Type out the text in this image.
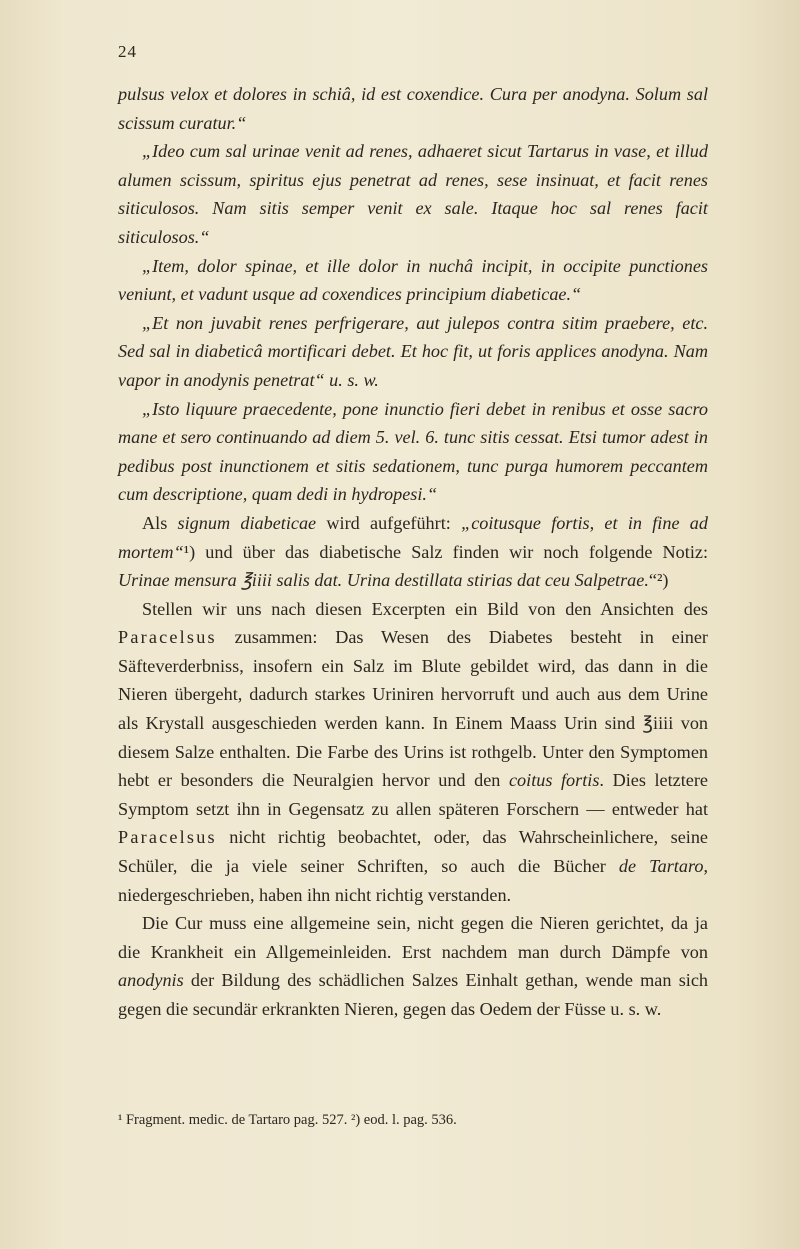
24

pulsus velox et dolores in schiâ, id est coxendice. Cura per anodyna. Solum sal scissum curatur.“

„Ideo cum sal urinae venit ad renes, adhaeret sicut Tartarus in vase, et illud alumen scissum, spiritus ejus penetrat ad renes, sese insinuat, et facit renes siticulosos. Nam sitis semper venit ex sale. Itaque hoc sal renes facit siticulosos.“

„Item, dolor spinae, et ille dolor in nuchâ incipit, in occipite punctiones veniunt, et vadunt usque ad coxendices principium diabeticae.“

„Et non juvabit renes perfrigerare, aut julepos contra sitim praebere, etc. Sed sal in diabeticâ mortificari debet. Et hoc fit, ut foris applices anodyna. Nam vapor in anodynis penetrat“ u. s. w.

„Isto liquure praecedente, pone inunctio fieri debet in renibus et osse sacro mane et sero continuando ad diem 5. vel. 6. tunc sitis cessat. Etsi tumor adest in pedibus post inunctionem et sitis sedationem, tunc purga humorem peccantem cum descriptione, quam dedi in hydropesi.“

Als signum diabeticae wird aufgeführt: „coitusque fortis, et in fine ad mortem“¹) und über das diabetische Salz finden wir noch folgende Notiz: Urinae mensura ℥iiii salis dat. Urina destillata stirias dat ceu Salpetrae.“²)

Stellen wir uns nach diesen Excerpten ein Bild von den Ansichten des Paracelsus zusammen: Das Wesen des Diabetes besteht in einer Säfteverderbniss, insofern ein Salz im Blute gebildet wird, das dann in die Nieren übergeht, dadurch starkes Uriniren hervorruft und auch aus dem Urine als Krystall ausgeschieden werden kann. In Einem Maass Urin sind ℥iiii von diesem Salze enthalten. Die Farbe des Urins ist rothgelb. Unter den Symptomen hebt er besonders die Neuralgien hervor und den coitus fortis. Dies letztere Symptom setzt ihn in Gegensatz zu allen späteren Forschern — entweder hat Paracelsus nicht richtig beobachtet, oder, das Wahrscheinlichere, seine Schüler, die ja viele seiner Schriften, so auch die Bücher de Tartaro, niedergeschrieben, haben ihn nicht richtig verstanden.

Die Cur muss eine allgemeine sein, nicht gegen die Nieren gerichtet, da ja die Krankheit ein Allgemeinleiden. Erst nachdem man durch Dämpfe von anodynis der Bildung des schädlichen Salzes Einhalt gethan, wende man sich gegen die secundär erkrankten Nieren, gegen das Oedem der Füsse u. s. w.

¹ Fragment. medic. de Tartaro pag. 527. ²) eod. l. pag. 536.
